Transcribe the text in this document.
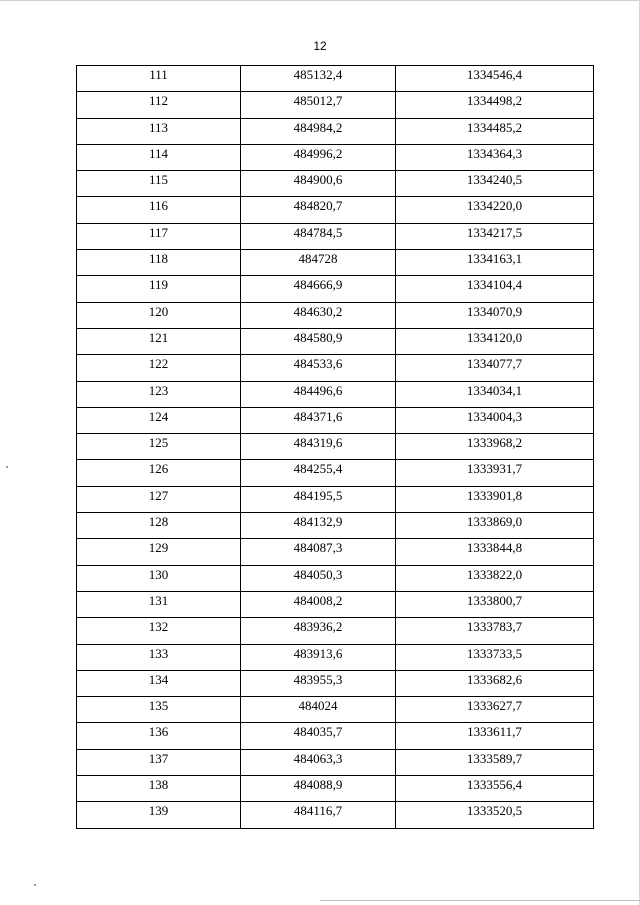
12
111	485132,4	1334546,4
112	485012,7	1334498,2
113	484984,2	1334485,2
114	484996,2	1334364,3
115	484900,6	1334240,5
116	484820,7	1334220,0
117	484784,5	1334217,5
118	484728	1334163,1
119	484666,9	1334104,4
120	484630,2	1334070,9
121	484580,9	1334120,0
122	484533,6	1334077,7
123	484496,6	1334034,1
124	484371,6	1334004,3
125	484319,6	1333968,2
126	484255,4	1333931,7
127	484195,5	1333901,8
128	484132,9	1333869,0
129	484087,3	1333844,8
130	484050,3	1333822,0
131	484008,2	1333800,7
132	483936,2	1333783,7
133	483913,6	1333733,5
134	483955,3	1333682,6
135	484024	1333627,7
136	484035,7	1333611,7
137	484063,3	1333589,7
138	484088,9	1333556,4
139	484116,7	1333520,5
